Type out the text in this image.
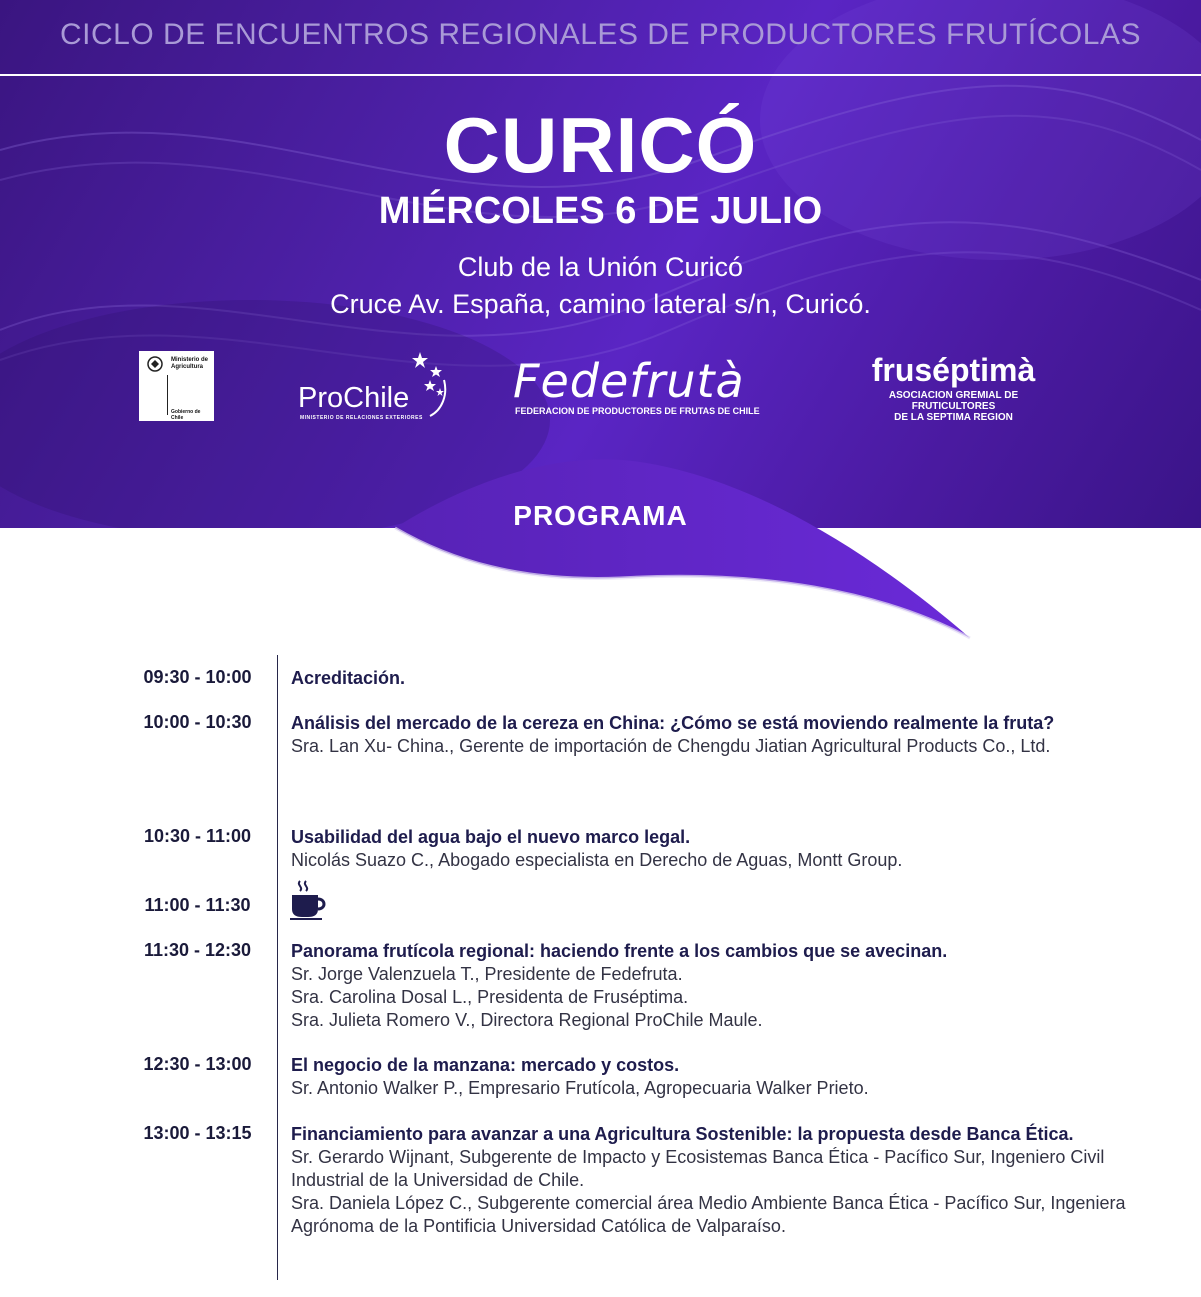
CICLO DE ENCUENTROS REGIONALES DE PRODUCTORES FRUTÍCOLAS
CURICÓ
MIÉRCOLES 6 DE JULIO
Club de la Unión Curicó
Cruce Av. España, camino lateral s/n, Curicó.
Ministerio de
Agricultura
Gobierno de Chile
ProChile
MINISTERIO DE RELACIONES EXTERIORES
Fedefrutà
FEDERACION DE PRODUCTORES DE FRUTAS DE CHILE
fruséptimà
ASOCIACION GREMIAL DE FRUTICULTORES
DE LA SEPTIMA REGION
PROGRAMA
09:30 - 10:00	Acreditación.
10:00 - 10:30	Análisis del mercado de la cereza en China: ¿Cómo se está moviendo realmente la fruta?
Sra. Lan Xu- China., Gerente de importación de Chengdu Jiatian Agricultural Products Co., Ltd.
10:30 - 11:00	Usabilidad del agua bajo el nuevo marco legal.
Nicolás Suazo C., Abogado especialista en Derecho de Aguas, Montt Group.
11:00 - 11:30
11:30 - 12:30	Panorama frutícola regional: haciendo frente a los cambios que se avecinan.
Sr. Jorge Valenzuela T., Presidente de Fedefruta.
Sra. Carolina Dosal L., Presidenta de Fruséptima.
Sra. Julieta Romero V., Directora Regional ProChile Maule.
12:30 - 13:00	El negocio de la manzana: mercado y costos.
Sr. Antonio Walker P., Empresario Frutícola, Agropecuaria Walker Prieto.
13:00 - 13:15	Financiamiento para avanzar a una Agricultura Sostenible: la propuesta desde Banca Ética.
Sr. Gerardo Wijnant, Subgerente de Impacto y Ecosistemas Banca Ética - Pacífico Sur, Ingeniero Civil Industrial de la Universidad de Chile.
Sra. Daniela López C., Subgerente comercial área Medio Ambiente Banca Ética - Pacífico Sur, Ingeniera Agrónoma de la Pontificia Universidad Católica de Valparaíso.
